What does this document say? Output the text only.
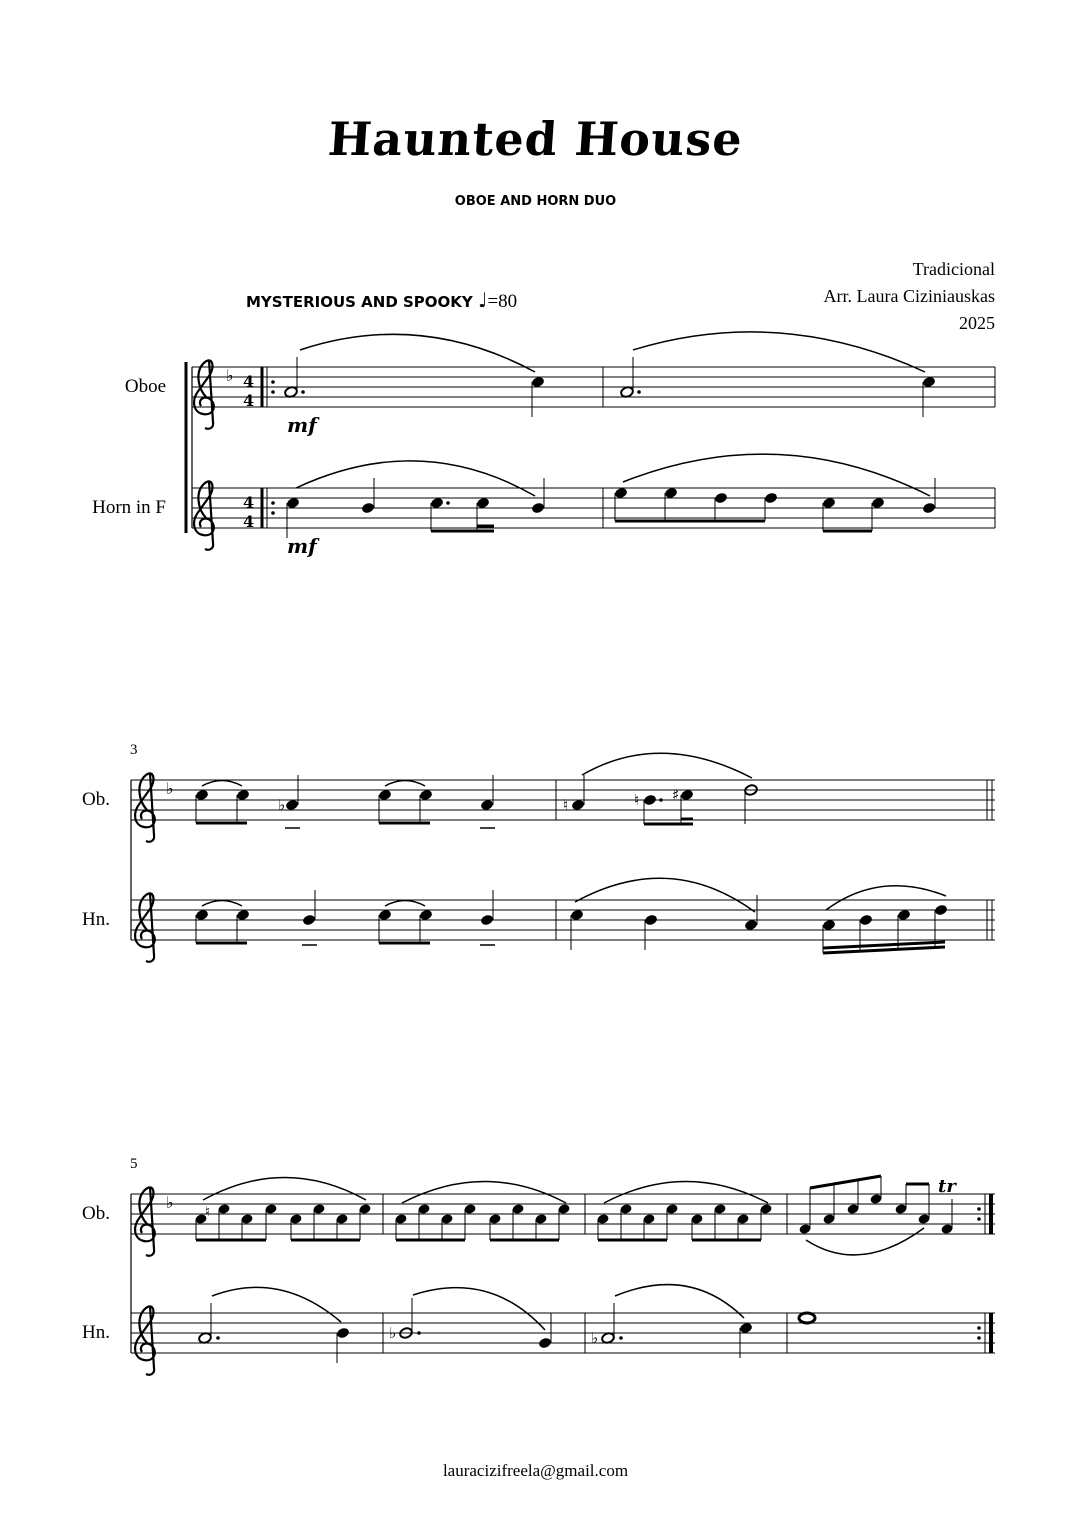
Haunted House
OBOE AND HORN DUO
Tradicional
Arr. Laura Ciziniauskas
2025
MYSTERIOUS AND SPOOKY ♩=80
Oboe
Horn in F
Ob.
Hn.
Ob.
Hn.
3
5
lauracizifreela@gmail.com
♭ 4
4
4
4
mf
mf
♭
♭	♮	♮ ♯
♭ ♮
tr
♭	♭
